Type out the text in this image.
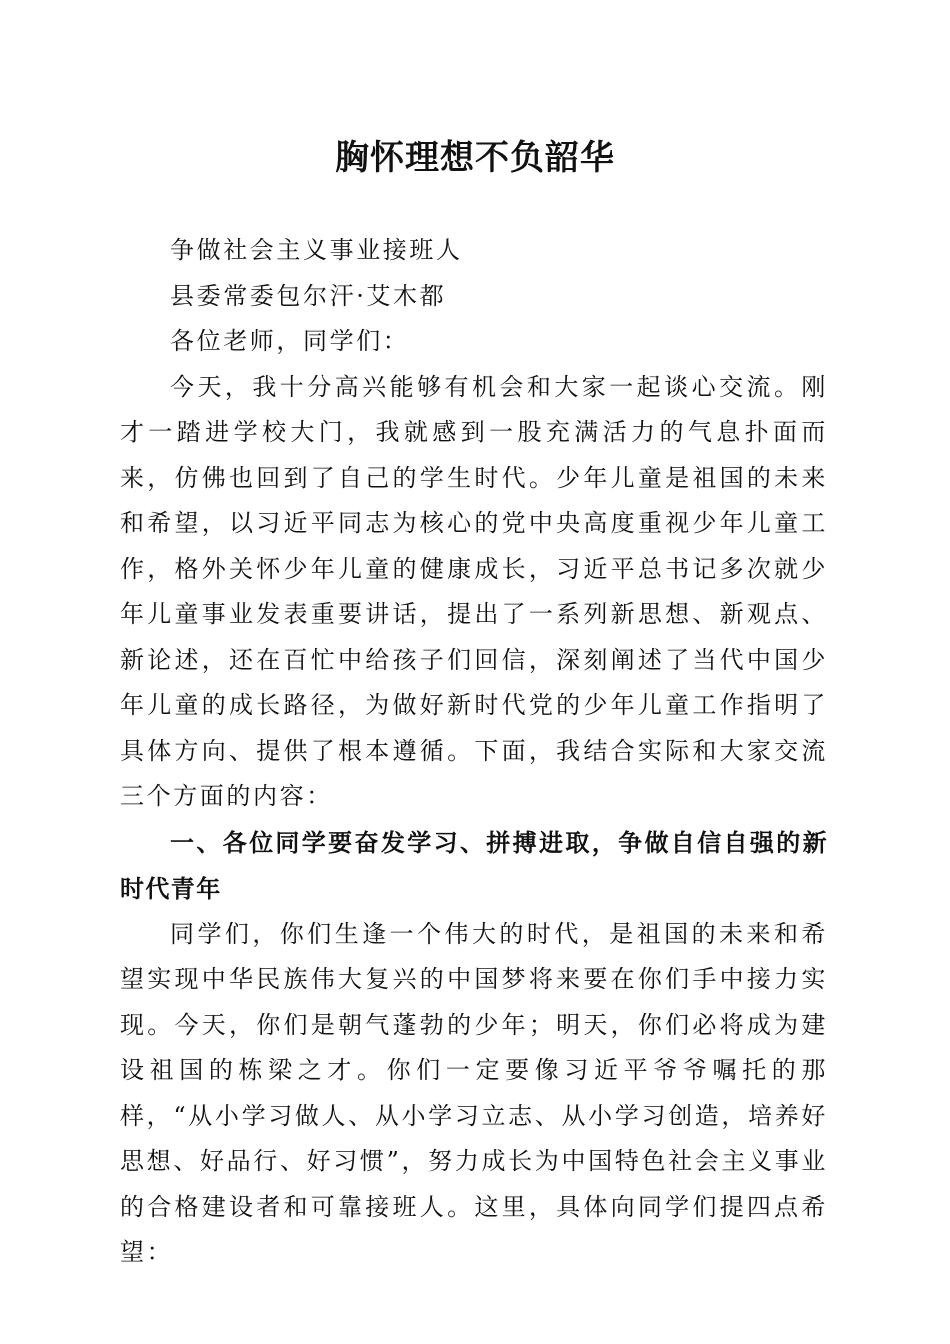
胸怀理想不负韶华

争做社会主义事业接班人

县委常委包尔汗·艾木都

各位老师，同学们：

今天，我十分高兴能够有机会和大家一起谈心交流。刚才一踏进学校大门，我就感到一股充满活力的气息扑面而来，仿佛也回到了自己的学生时代。少年儿童是祖国的未来和希望，以习近平同志为核心的党中央高度重视少年儿童工作，格外关怀少年儿童的健康成长，习近平总书记多次就少年儿童事业发表重要讲话，提出了一系列新思想、新观点、新论述，还在百忙中给孩子们回信，深刻阐述了当代中国少年儿童的成长路径，为做好新时代党的少年儿童工作指明了具体方向、提供了根本遵循。下面，我结合实际和大家交流三个方面的内容：

一、各位同学要奋发学习、拼搏进取，争做自信自强的新时代青年

同学们，你们生逢一个伟大的时代，是祖国的未来和希望实现中华民族伟大复兴的中国梦将来要在你们手中接力实现。今天，你们是朝气蓬勃的少年；明天，你们必将成为建设祖国的栋梁之才。你们一定要像习近平爷爷嘱托的那样，“从小学习做人、从小学习立志、从小学习创造，培养好思想、好品行、好习惯”，努力成长为中国特色社会主义事业的合格建设者和可靠接班人。这里，具体向同学们提四点希望：
